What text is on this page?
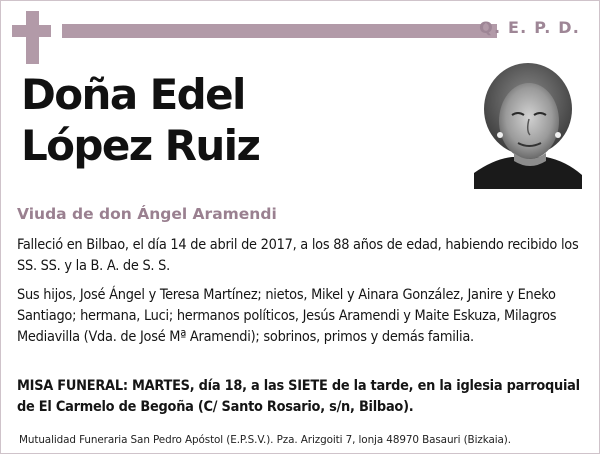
Q. E. P. D.
Doña Edel
López Ruiz
Viuda de don Ángel Aramendi
Falleció en Bilbao, el día 14 de abril de 2017, a los 88 años de edad, habiendo recibido los SS. SS. y la B. A. de S. S.
Sus hijos, José Ángel y Teresa Martínez; nietos, Mikel y Ainara González, Janire y Eneko Santiago; hermana, Luci; hermanos políticos, Jesús Aramendi y Maite Eskuza, Milagros Mediavilla (Vda. de José Mª Aramendi); sobrinos, primos y demás familia.
MISA FUNERAL: MARTES, día 18, a las SIETE de la tarde, en la iglesia parroquial de El Carmelo de Begoña (C/ Santo Rosario, s/n, Bilbao).
Mutualidad Funeraria San Pedro Apóstol (E.P.S.V.). Pza. Arizgoiti 7, lonja 48970 Basauri (Bizkaia).
